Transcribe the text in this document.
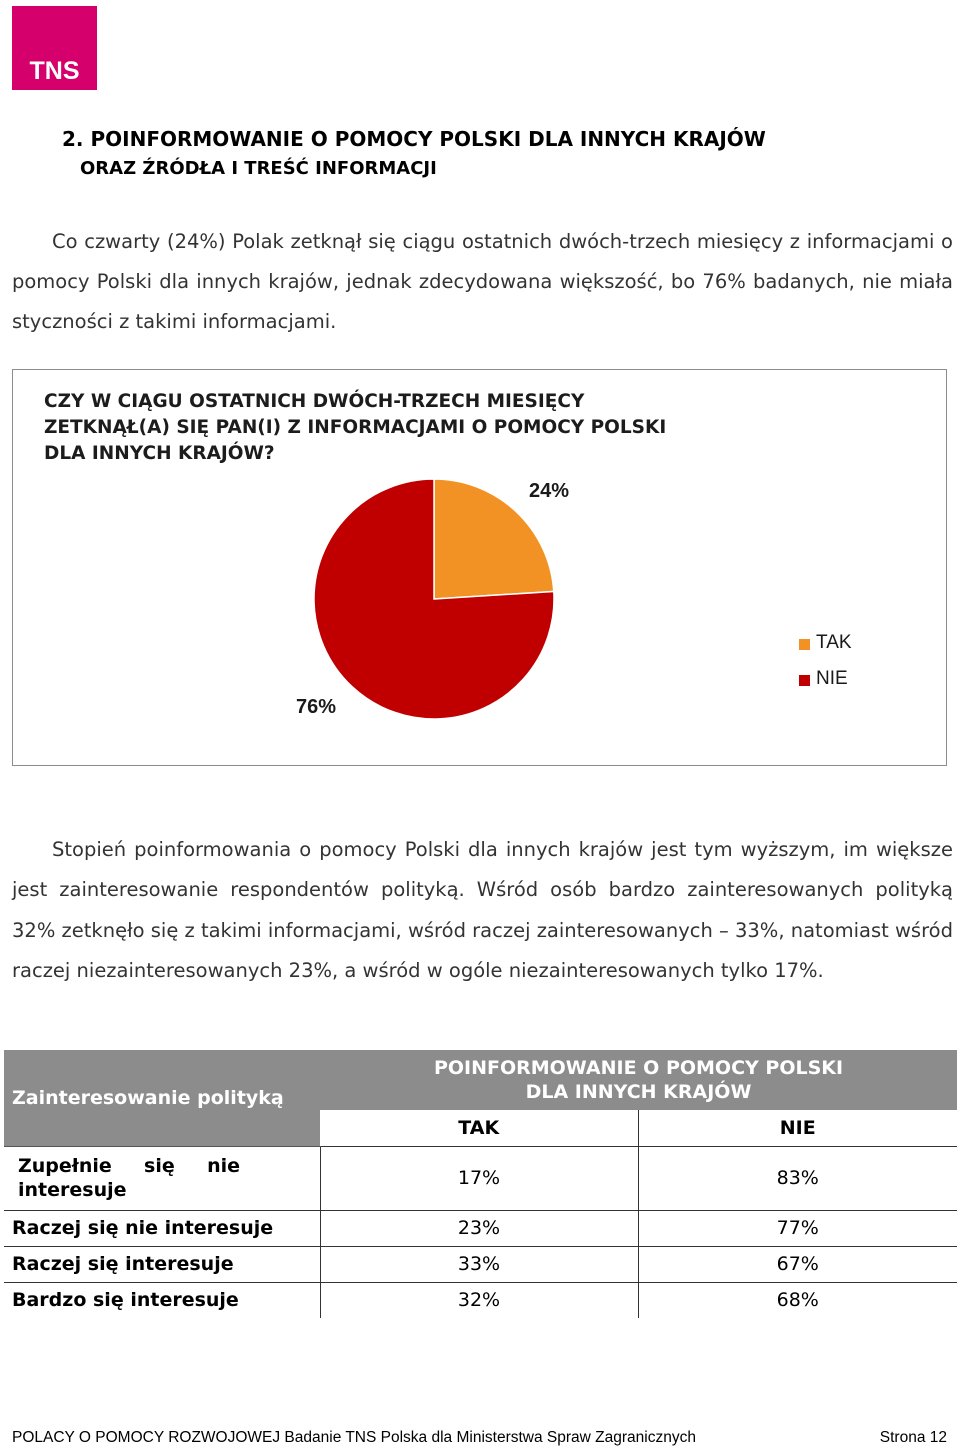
TNS
2. POINFORMOWANIE O POMOCY POLSKI DLA INNYCH KRAJÓW
ORAZ ŹRÓDŁA I TREŚĆ INFORMACJI
Co czwarty (24%) Polak zetknął się ciągu ostatnich dwóch-trzech miesięcy z informacjami o pomocy Polski dla innych krajów, jednak zdecydowana większość, bo 76% badanych, nie miała styczności z takimi informacjami.
CZY W CIĄGU OSTATNICH DWÓCH-TRZECH MIESIĘCY
ZETKNĄŁ(A) SIĘ PAN(I) Z INFORMACJAMI O POMOCY POLSKI
DLA INNYCH KRAJÓW?
24%
76%
TAK
NIE
Stopień poinformowania o pomocy Polski dla innych krajów jest tym wyższym, im większe jest zainteresowanie respondentów polityką. Wśród osób bardzo zainteresowanych polityką 32% zetknęło się z takimi informacjami, wśród raczej zainteresowanych – 33%, natomiast wśród raczej niezainteresowanych 23%, a wśród w ogóle niezainteresowanych tylko 17%.
Zainteresowanie polityką	POINFORMOWANIE O POMOCY POLSKI
DLA INNYCH KRAJÓW	

	TAK	NIE

Zupełnie się nie
interesuje	17%	83%
Raczej się nie interesuje	23%	77%
Raczej się interesuje	33%	67%
Bardzo się interesuje	32%	68%
POLACY O POMOCY ROZWOJOWEJ Badanie TNS Polska dla Ministerstwa Spraw Zagranicznych	Strona 12
